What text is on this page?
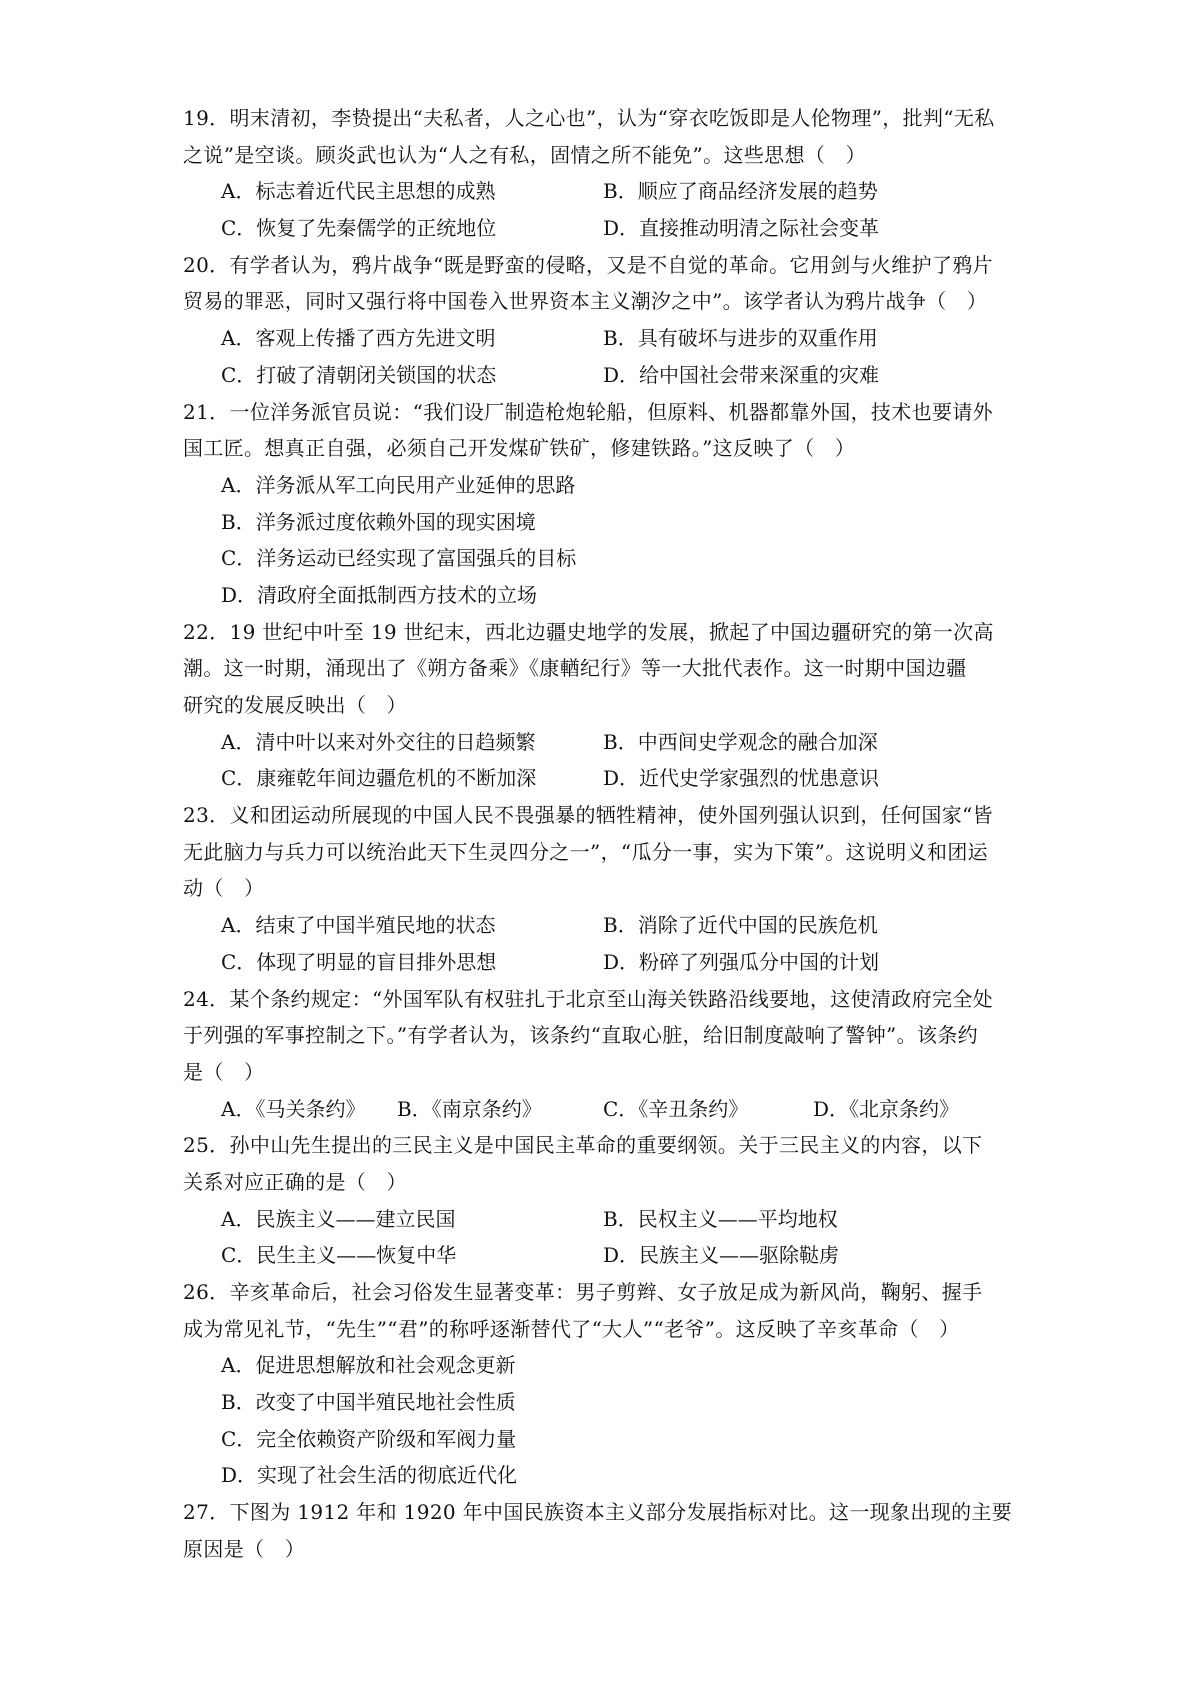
19．明末清初，李贽提出“夫私者，人之心也”，认为“穿衣吃饭即是人伦物理”，批判“无私
之说”是空谈。顾炎武也认为“人之有私，固情之所不能免”。这些思想（　）
A．标志着近代民主思想的成熟	B．顺应了商品经济发展的趋势
C．恢复了先秦儒学的正统地位	D．直接推动明清之际社会变革
20．有学者认为，鸦片战争“既是野蛮的侵略，又是不自觉的革命。它用剑与火维护了鸦片
贸易的罪恶，同时又强行将中国卷入世界资本主义潮汐之中”。该学者认为鸦片战争（　）
A．客观上传播了西方先进文明	B．具有破坏与进步的双重作用
C．打破了清朝闭关锁国的状态	D．给中国社会带来深重的灾难
21．一位洋务派官员说：“我们设厂制造枪炮轮船，但原料、机器都靠外国，技术也要请外
国工匠。想真正自强，必须自己开发煤矿铁矿，修建铁路。”这反映了（　）
A．洋务派从军工向民用产业延伸的思路
B．洋务派过度依赖外国的现实困境
C．洋务运动已经实现了富国强兵的目标
D．清政府全面抵制西方技术的立场
22．19 世纪中叶至 19 世纪末，西北边疆史地学的发展，掀起了中国边疆研究的第一次高
潮。这一时期，涌现出了《朔方备乘》《康輶纪行》等一大批代表作。这一时期中国边疆
研究的发展反映出（　）
A．清中叶以来对外交往的日趋频繁	B．中西间史学观念的融合加深
C．康雍乾年间边疆危机的不断加深	D．近代史学家强烈的忧患意识
23．义和团运动所展现的中国人民不畏强暴的牺牲精神，使外国列强认识到，任何国家“皆
无此脑力与兵力可以统治此天下生灵四分之一”，“瓜分一事，实为下策”。这说明义和团运
动（　）
A．结束了中国半殖民地的状态	B．消除了近代中国的民族危机
C．体现了明显的盲目排外思想	D．粉碎了列强瓜分中国的计划
24．某个条约规定：“外国军队有权驻扎于北京至山海关铁路沿线要地，这使清政府完全处
于列强的军事控制之下。”有学者认为，该条约“直取心脏，给旧制度敲响了警钟”。该条约
是（　）
A．《马关条约》 B．《南京条约》	C．《辛丑条约》	D．《北京条约》
25．孙中山先生提出的三民主义是中国民主革命的重要纲领。关于三民主义的内容，以下
关系对应正确的是（　）
A．民族主义——建立民国	B．民权主义——平均地权
C．民生主义——恢复中华	D．民族主义——驱除鞑虏
26．辛亥革命后，社会习俗发生显著变革：男子剪辫、女子放足成为新风尚，鞠躬、握手
成为常见礼节，“先生”“君”的称呼逐渐替代了“大人”“老爷”。这反映了辛亥革命（　）
A．促进思想解放和社会观念更新
B．改变了中国半殖民地社会性质
C．完全依赖资产阶级和军阀力量
D．实现了社会生活的彻底近代化
27．下图为 1912 年和 1920 年中国民族资本主义部分发展指标对比。这一现象出现的主要
原因是（　）
